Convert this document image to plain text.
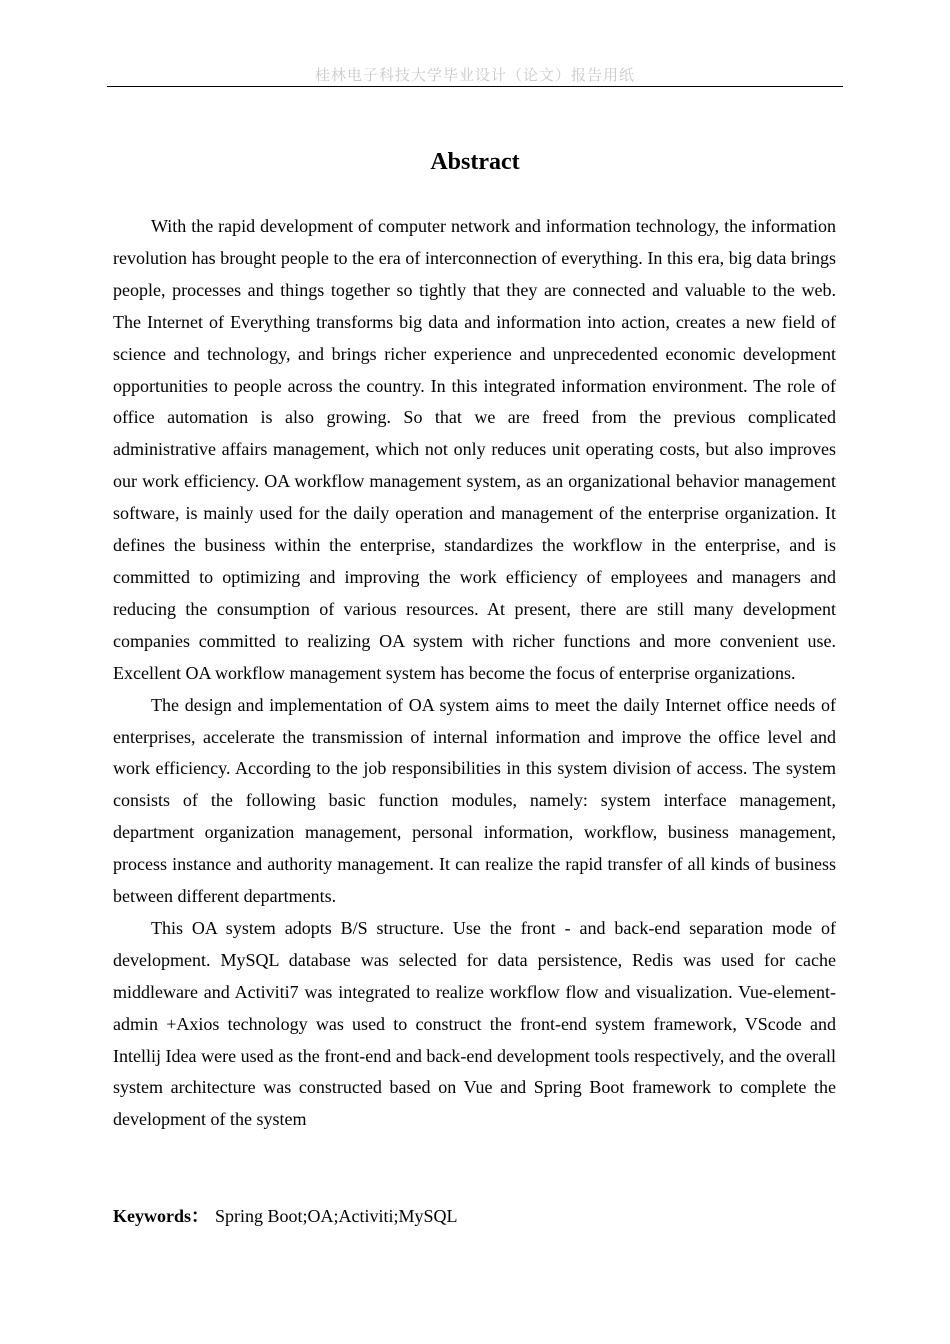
桂林电子科技大学毕业设计（论文）报告用纸
Abstract

With the rapid development of computer network and information technology, the information revolution has brought people to the era of interconnection of everything. In this era, big data brings people, processes and things together so tightly that they are connected and valuable to the web. The Internet of Everything transforms big data and information into action, creates a new field of science and technology, and brings richer experience and unprecedented economic development opportunities to people across the country. In this integrated information environment. The role of office automation is also growing. So that we are freed from the previous complicated administrative affairs management, which not only reduces unit operating costs, but also improves our work efficiency. OA workflow management system, as an organizational behavior management software, is mainly used for the daily operation and management of the enterprise organization. It defines the business within the enterprise, standardizes the workflow in the enterprise, and is committed to optimizing and improving the work efficiency of employees and managers and reducing the consumption of various resources. At present, there are still many development companies committed to realizing OA system with richer functions and more convenient use. Excellent OA workflow management system has become the focus of enterprise organizations.

The design and implementation of OA system aims to meet the daily Internet office needs of enterprises, accelerate the transmission of internal information and improve the office level and work efficiency. According to the job responsibilities in this system division of access. The system consists of the following basic function modules, namely: system interface management, department organization management, personal information, workflow, business management, process instance and authority management. It can realize the rapid transfer of all kinds of business between different departments.

This OA system adopts B/S structure. Use the front - and back-end separation mode of development. MySQL database was selected for data persistence, Redis was used for cache middleware and Activiti7 was integrated to realize workflow flow and visualization. Vue-element-admin +Axios technology was used to construct the front-end system framework, VScode and Intellij Idea were used as the front-end and back-end development tools respectively, and the overall system architecture was constructed based on Vue and Spring Boot framework to complete the development of the system

Keywords： Spring Boot;OA;Activiti;MySQL
